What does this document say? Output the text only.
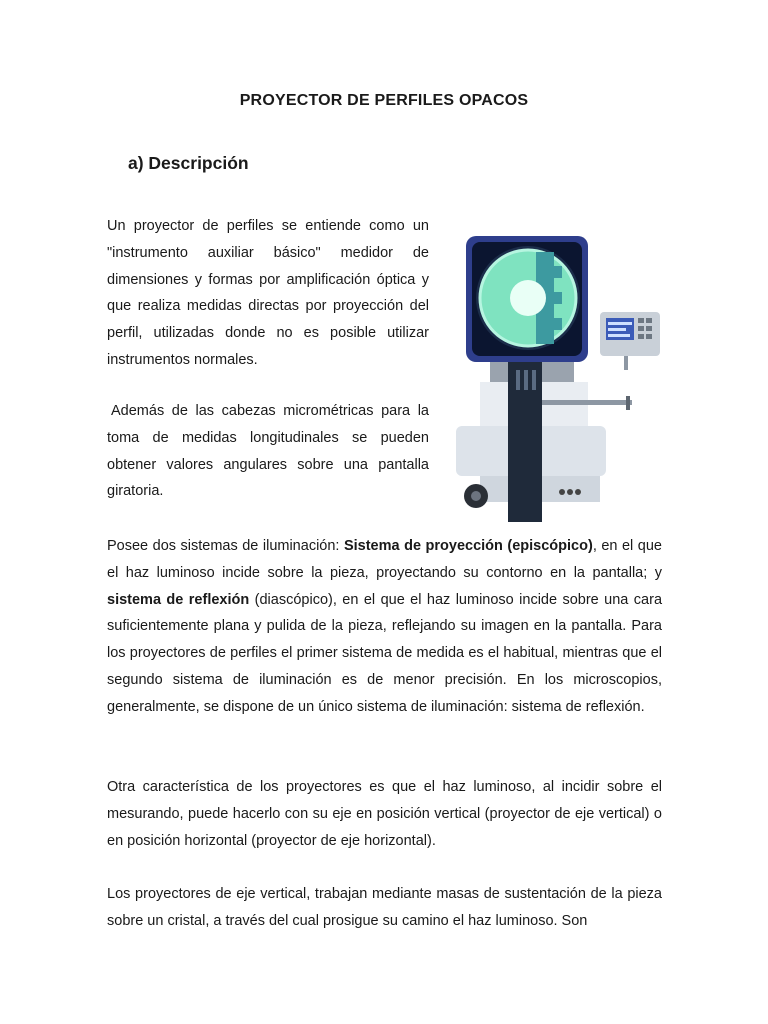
PROYECTOR DE PERFILES OPACOS
a) Descripción

Un proyector de perfiles se entiende como un "instrumento auxiliar básico" medidor de dimensiones y formas por amplificación óptica y que realiza medidas directas por proyección del perfil, utilizadas donde no es posible utilizar instrumentos normales.

Además de las cabezas micrométricas para la toma de medidas longitudinales se pueden obtener valores angulares sobre una pantalla giratoria.

Posee dos sistemas de iluminación: Sistema de proyección (episcópico), en el que el haz luminoso incide sobre la pieza, proyectando su contorno en la pantalla; y sistema de reflexión (diascópico), en el que el haz luminoso incide sobre una cara suficientemente plana y pulida de la pieza, reflejando su imagen en la pantalla. Para los proyectores de perfiles el primer sistema de medida es el habitual, mientras que el segundo sistema de iluminación es de menor precisión. En los microscopios, generalmente, se dispone de un único sistema de iluminación: sistema de reflexión.

Otra característica de los proyectores es que el haz luminoso, al incidir sobre el mesurando, puede hacerlo con su eje en posición vertical (proyector de eje vertical) o en posición horizontal (proyector de eje horizontal).

Los proyectores de eje vertical, trabajan mediante masas de sustentación de la pieza sobre un cristal, a través del cual prosigue su camino el haz luminoso. Son
